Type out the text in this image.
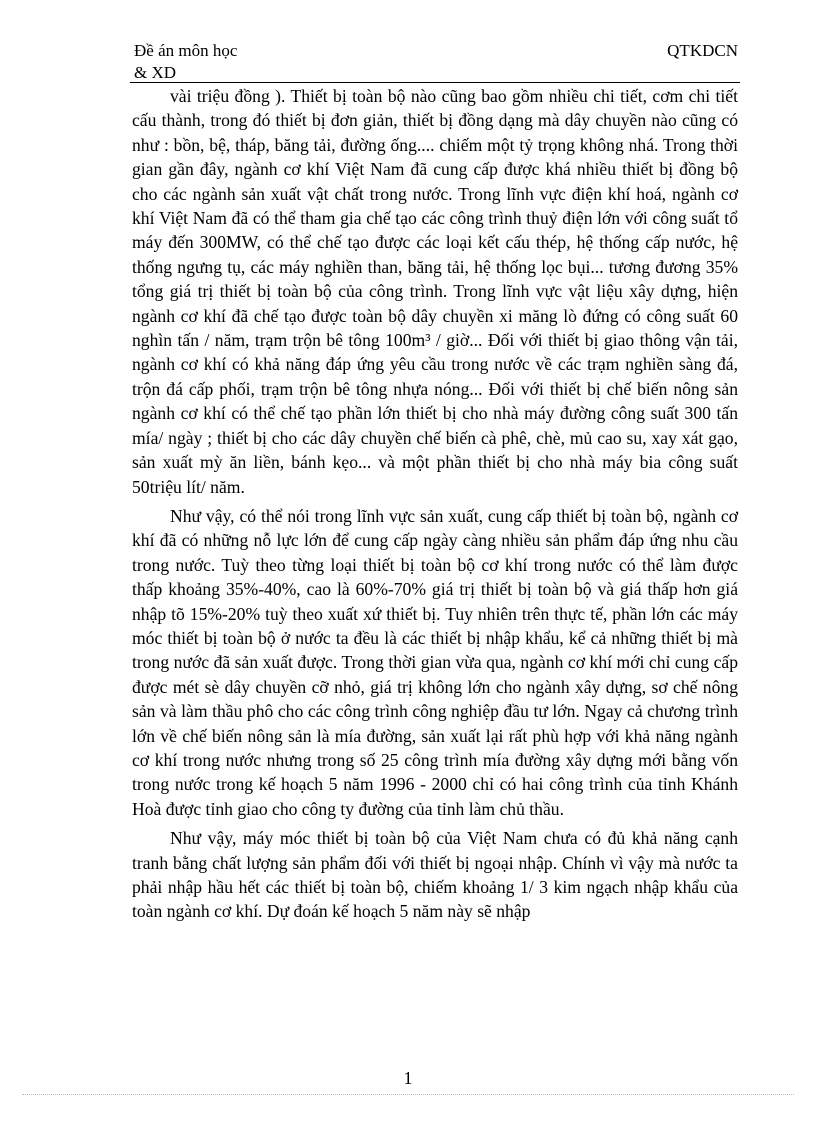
Đề án môn học
& XD
QTKDCN

vài triệu đồng ). Thiết bị toàn bộ nào cũng bao gồm nhiều chi tiết, cơm chi tiết cấu thành, trong đó thiết bị đơn giản, thiết bị đồng dạng mà dây chuyền nào cũng có như : bồn, bệ, tháp, băng tải, đường ống.... chiếm một tỷ trọng không nhá. Trong thời gian gần đây, ngành cơ khí Việt Nam đã cung cấp được khá nhiều thiết bị đồng bộ cho các ngành sản xuất vật chất trong nước. Trong lĩnh vực điện khí hoá, ngành cơ khí Việt Nam đã có thể tham gia chế tạo các công trình thuỷ điện lớn với công suất tổ máy đến 300MW, có thể chế tạo được các loại kết cấu thép, hệ thống cấp nước, hệ thống ngưng tụ, các máy nghiền than, băng tải, hệ thống lọc bụi... tương đương 35% tổng giá trị thiết bị toàn bộ của công trình. Trong lĩnh vực vật liệu xây dựng, hiện ngành cơ khí đã chế tạo được toàn bộ dây chuyền xi măng lò đứng có công suất 60 nghìn tấn / năm, trạm trộn bê tông 100m³ / giờ... Đối với thiết bị giao thông vận tải, ngành cơ khí có khả năng đáp ứng yêu cầu trong nước về các trạm nghiền sàng đá, trộn đá cấp phối, trạm trộn bê tông nhựa nóng... Đối với thiết bị chế biến nông sản ngành cơ khí có thể chế tạo phần lớn thiết bị cho nhà máy đường công suất 300 tấn mía/ ngày ; thiết bị cho các dây chuyền chế biến cà phê, chè, mủ cao su, xay xát gạo, sản xuất mỳ ăn liền, bánh kẹo... và một phần thiết bị cho nhà máy bia công suất 50triệu lít/ năm.

Như vậy, có thể nói trong lĩnh vực sản xuất, cung cấp thiết bị toàn bộ, ngành cơ khí đã có những nỗ lực lớn để cung cấp ngày càng nhiều sản phẩm đáp ứng nhu cầu trong nước. Tuỳ theo từng loại thiết bị toàn bộ cơ khí trong nước có thể làm được thấp khoảng 35%-40%, cao là 60%-70% giá trị thiết bị toàn bộ và giá thấp hơn giá nhập tõ 15%-20% tuỳ theo xuất xứ thiết bị. Tuy nhiên trên thực tế, phần lớn các máy móc thiết bị toàn bộ ở nước ta đều là các thiết bị nhập khẩu, kể cả những thiết bị mà trong nước đã sản xuất được. Trong thời gian vừa qua, ngành cơ khí mới chỉ cung cấp được mét sè dây chuyền cỡ nhỏ, giá trị không lớn cho ngành xây dựng, sơ chế nông sản và làm thầu phô cho các công trình công nghiệp đầu tư lớn. Ngay cả chương trình lớn về chế biến nông sản là mía đường, sản xuất lại rất phù hợp với khả năng ngành cơ khí trong nước nhưng trong số 25 công trình mía đường xây dựng mới bằng vốn trong nước trong kế hoạch 5 năm 1996 - 2000 chỉ có hai công trình của tỉnh Khánh Hoà được tỉnh giao cho công ty đường của tỉnh làm chủ thầu.

Như vậy, máy móc thiết bị toàn bộ của Việt Nam chưa có đủ khả năng cạnh tranh bằng chất lượng sản phẩm đối với thiết bị ngoại nhập. Chính vì vậy mà nước ta phải nhập hầu hết các thiết bị toàn bộ, chiếm khoảng 1/ 3 kim ngạch nhập khẩu của toàn ngành cơ khí. Dự đoán kế hoạch 5 năm này sẽ nhập

1
